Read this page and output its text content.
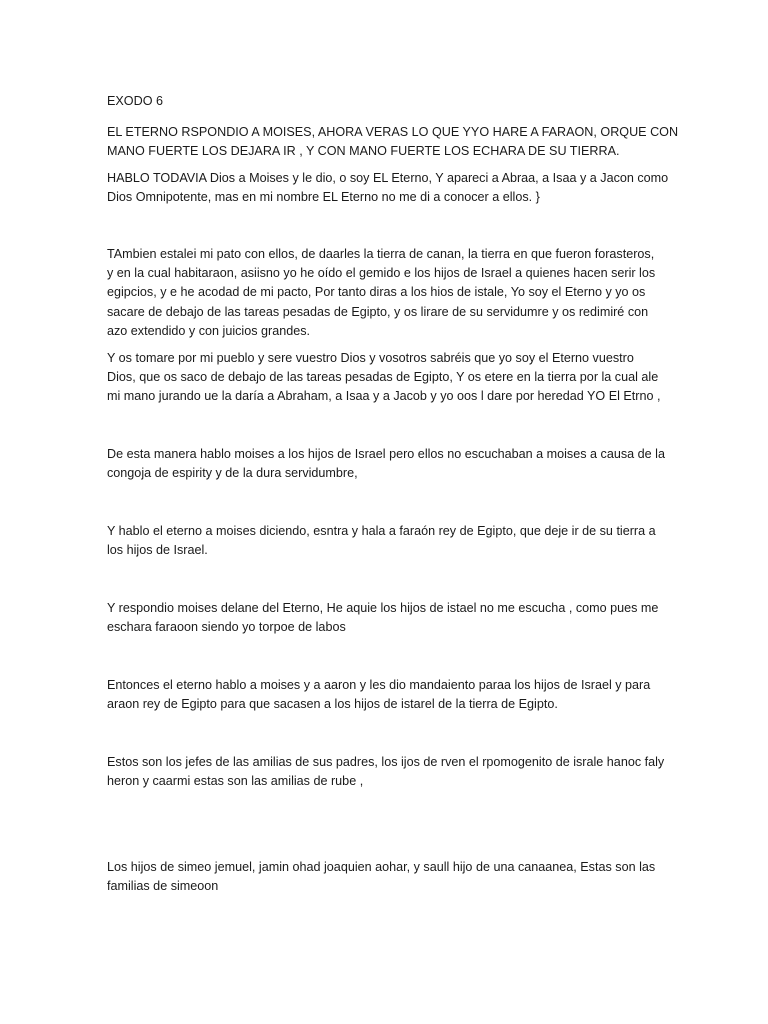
EXODO 6

EL ETERNO RSPONDIO A MOISES, AHORA VERAS LO QUE YYO HARE A FARAON, ORQUE CON
MANO FUERTE LOS DEJARA IR , Y CON MANO FUERTE LOS ECHARA DE SU TIERRA.

HABLO TODAVIA Dios a Moises y le dio, o soy EL Eterno, Y apareci a Abraa, a Isaa y a Jacon como
Dios Omnipotente, mas en mi nombre EL Eterno no me di a conocer a ellos. }

TAmbien estalei mi pato con ellos, de daarles la tierra de canan, la tierra en que fueron forasteros,
y en la cual habitaraon, asiisno yo he oído el gemido e los hijos de Israel a quienes hacen serir los
egipcios, y e he acodad de mi pacto, Por tanto diras a los hios de istale, Yo soy el Eterno y yo os
sacare de debajo de las tareas pesadas de Egipto, y os lirare de su servidumre y os redimiré con
azo extendido y con juicios grandes.

Y os tomare por mi pueblo y sere vuestro Dios y vosotros sabréis que yo soy el Eterno vuestro
Dios, que os saco de debajo de las tareas pesadas de Egipto, Y os etere en la tierra por la cual ale
mi mano jurando ue la daría a Abraham, a Isaa y a Jacob y yo oos l dare por heredad YO El Etrno ,

De esta manera hablo moises a los hijos de Israel pero ellos no escuchaban a moises a causa de la
congoja de espirity y de la dura servidumbre,

Y hablo el eterno a moises diciendo, esntra y hala a faraón rey de Egipto, que deje ir de su tierra a
los hijos de Israel.

Y respondio moises delane del Eterno, He aquie los hijos de istael no me escucha , como pues me
eschara faraoon siendo yo torpoe de labos

Entonces el eterno hablo a moises y a aaron y les dio mandaiento paraa los hijos de Israel y para
araon rey de Egipto para que sacasen a los hijos de istarel de la tierra de Egipto.

Estos son los jefes de las amilias de sus padres, los ijos de rven el rpomogenito de israle hanoc faly
heron y caarmi estas son las amilias de rube ,

Los hijos de simeo jemuel, jamin ohad joaquien aohar, y saull hijo de una canaanea, Estas son las
familias de simeoon
